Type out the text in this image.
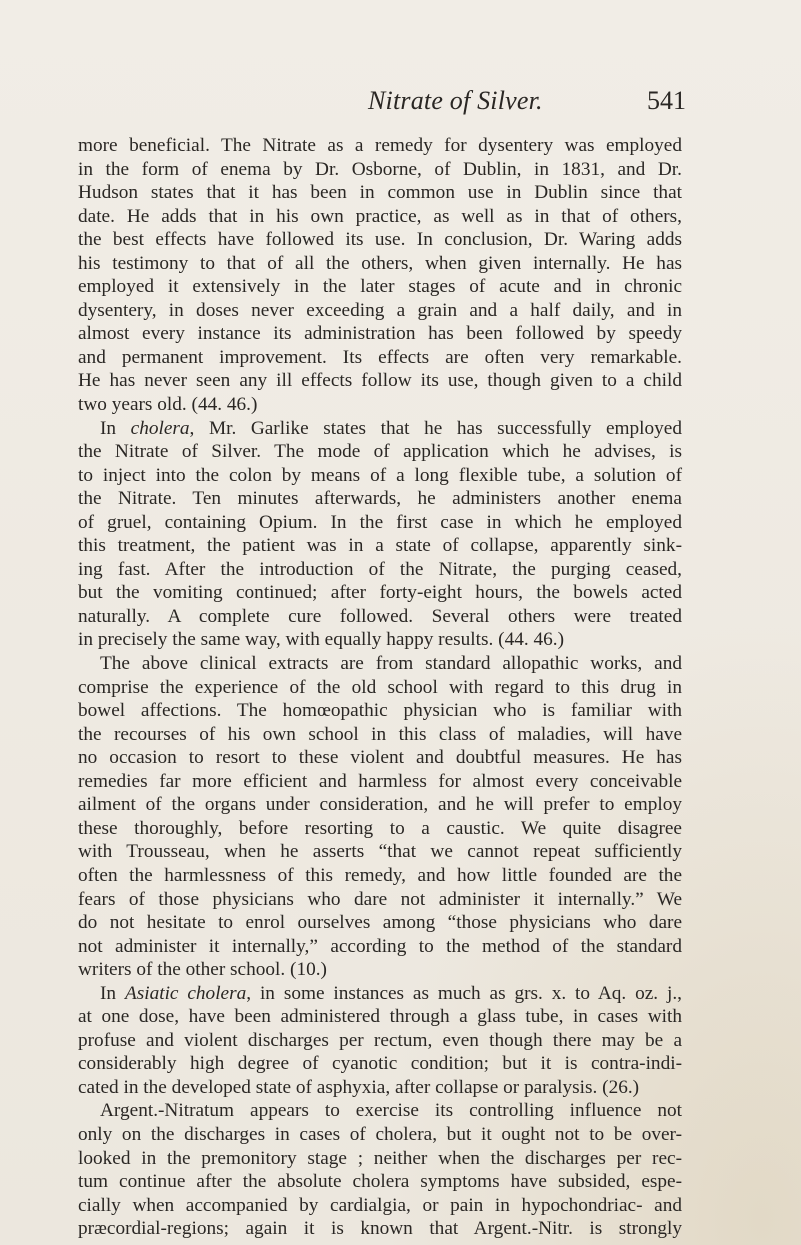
Nitrate of Silver.	541
more beneficial. The Nitrate as a remedy for dysentery was employed
in the form of enema by Dr. Osborne, of Dublin, in 1831, and Dr.
Hudson states that it has been in common use in Dublin since that
date. He adds that in his own practice, as well as in that of others,
the best effects have followed its use. In conclusion, Dr. Waring adds
his testimony to that of all the others, when given internally. He has
employed it extensively in the later stages of acute and in chronic
dysentery, in doses never exceeding a grain and a half daily, and in
almost every instance its administration has been followed by speedy
and permanent improvement. Its effects are often very remarkable.
He has never seen any ill effects follow its use, though given to a child
two years old. (44. 46.)
In cholera, Mr. Garlike states that he has successfully employed
the Nitrate of Silver. The mode of application which he advises, is
to inject into the colon by means of a long flexible tube, a solution of
the Nitrate. Ten minutes afterwards, he administers another enema
of gruel, containing Opium. In the first case in which he employed
this treatment, the patient was in a state of collapse, apparently sink-
ing fast. After the introduction of the Nitrate, the purging ceased,
but the vomiting continued; after forty-eight hours, the bowels acted
naturally. A complete cure followed. Several others were treated
in precisely the same way, with equally happy results. (44. 46.)
The above clinical extracts are from standard allopathic works, and
comprise the experience of the old school with regard to this drug in
bowel affections. The homœopathic physician who is familiar with
the recourses of his own school in this class of maladies, will have
no occasion to resort to these violent and doubtful measures. He has
remedies far more efficient and harmless for almost every conceivable
ailment of the organs under consideration, and he will prefer to employ
these thoroughly, before resorting to a caustic. We quite disagree
with Trousseau, when he asserts “that we cannot repeat sufficiently
often the harmlessness of this remedy, and how little founded are the
fears of those physicians who dare not administer it internally.” We
do not hesitate to enrol ourselves among “those physicians who dare
not administer it internally,” according to the method of the standard
writers of the other school. (10.)
In Asiatic cholera, in some instances as much as grs. x. to Aq. oz. j.,
at one dose, have been administered through a glass tube, in cases with
profuse and violent discharges per rectum, even though there may be a
considerably high degree of cyanotic condition; but it is contra-indi-
cated in the developed state of asphyxia, after collapse or paralysis. (26.)
Argent.-Nitratum appears to exercise its controlling influence not
only on the discharges in cases of cholera, but it ought not to be over-
looked in the premonitory stage ; neither when the discharges per rec-
tum continue after the absolute cholera symptoms have subsided, espe-
cially when accompanied by cardialgia, or pain in hypochondriac- and
præcordial-regions; again it is known that Argent.-Nitr. is strongly
